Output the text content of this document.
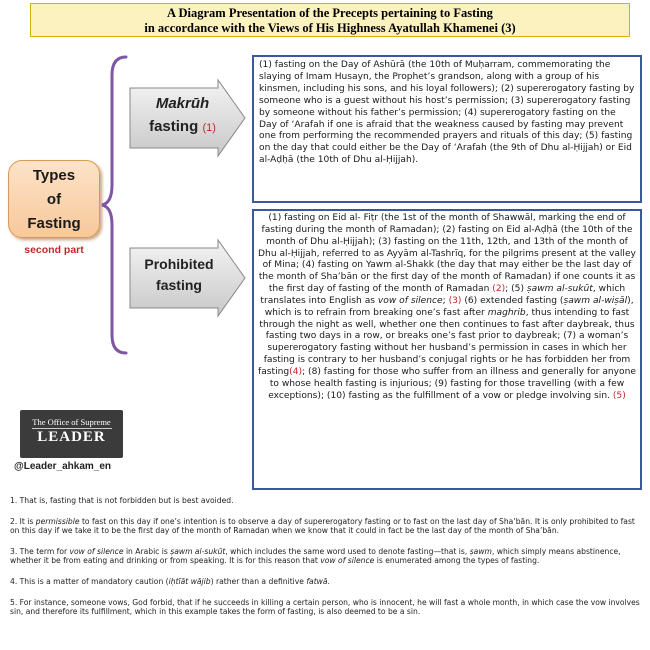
A Diagram Presentation of the Precepts pertaining to Fasting
in accordance with the Views of His Highness Ayatullah Khamenei (3)
Types
of
Fasting
second part
Makrūh
fasting (1)
Prohibited
fasting
(1) fasting on the Day of Ashūrā (the 10th of Muḥarram, commemorating the slaying of Imam Husayn, the Prophet’s grandson, along with a group of his kinsmen, including his sons, and his loyal followers); (2) supererogatory fasting by someone who is a guest without his host’s permission; (3) supererogatory fasting by someone without his father’s permission; (4) supererogatory fasting on the Day of ‘Arafah if one is afraid that the weakness caused by fasting may prevent one from performing the recommended prayers and rituals of this day; (5) fasting on the day that could either be the Day of ‘Arafah (the 9th of Dhu al-Ḥijjah) or Eid al-Aḍḥā (the 10th of Dhu al-Ḥijjah).
(1) fasting on Eid al- Fiṭr (the 1st of the month of Shawwāl, marking the end of fasting during the month of Ramadan); (2) fasting on Eid al-Aḍḥā (the 10th of the month of Dhu al-Ḥijjah); (3) fasting on the 11th, 12th, and 13th of the month of Dhu al-Ḥijjah, referred to as Ayyām al-Tashrīq, for the pilgrims present at the valley of Mina; (4) fasting on Yawm al-Shakk (the day that may either be the last day of the month of Sha’bān or the first day of the month of Ramadan) if one counts it as the first day of fasting of the month of Ramadan (2); (5) ṣawm al-sukūt, which translates into English as vow of silence; (3) (6) extended fasting (ṣawm al-wiṣāl), which is to refrain from breaking one’s fast after maghrib, thus intending to fast through the night as well, whether one then continues to fast after daybreak, thus fasting two days in a row, or breaks one’s fast prior to daybreak; (7) a woman’s supererogatory fasting without her husband’s permission in cases in which her fasting is contrary to her husband’s conjugal rights or he has forbidden her from fasting(4); (8) fasting for those who suffer from an illness and generally for anyone to whose health fasting is injurious; (9) fasting for those travelling (with a few exceptions); (10) fasting as the fulfillment of a vow or pledge involving sin. (5)
The Office of Supreme
LEADER
@Leader_ahkam_en
1. That is, fasting that is not forbidden but is best avoided.
2. It is permissible to fast on this day if one’s intention is to observe a day of supererogatory fasting or to fast on the last day of Sha’bān. It is only prohibited to fast on this day if we take it to be the first day of the month of Ramadan when we know that it could in fact be the last day of the month of Sha’bān.
3. The term for vow of silence in Arabic is ṣawm al-sukūt, which includes the same word used to denote fasting—that is, ṣawm, which simply means abstinence, whether it be from eating and drinking or from speaking. It is for this reason that vow of silence is enumerated among the types of fasting.
4. This is a matter of mandatory caution (iḥtīāt wājib) rather than a definitive fatwā.
5. For instance, someone vows, God forbid, that if he succeeds in killing a certain person, who is innocent, he will fast a whole month, in which case the vow involves sin, and therefore its fulfillment, which in this example takes the form of fasting, is also deemed to be a sin.
